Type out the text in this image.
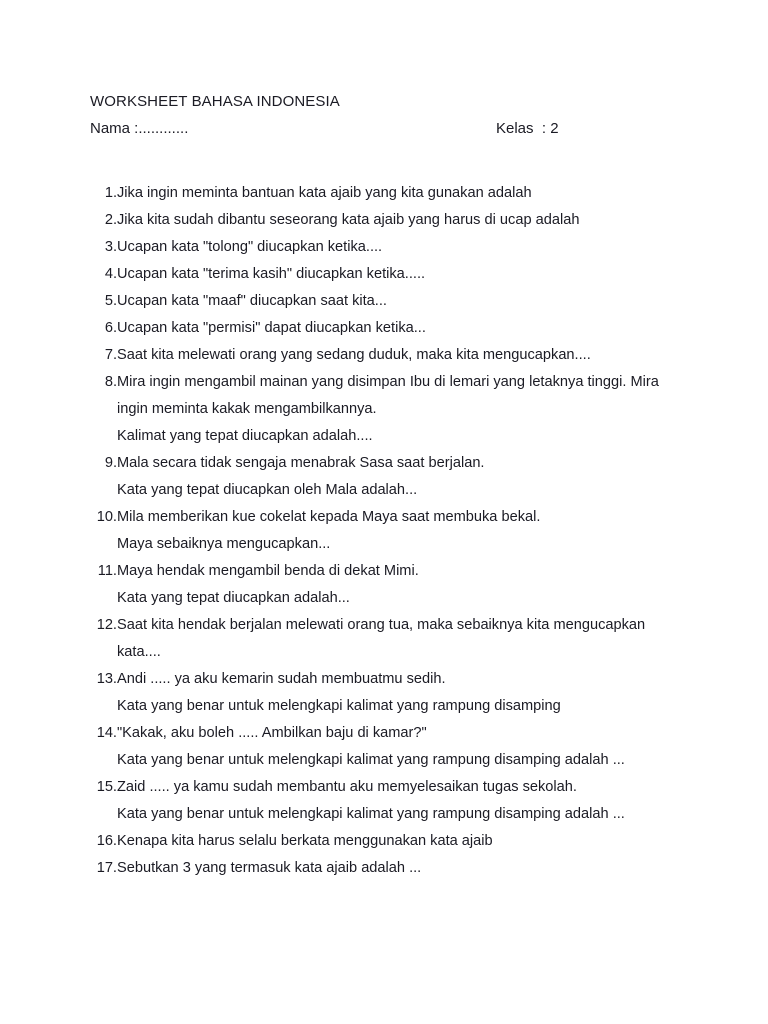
WORKSHEET BAHASA INDONESIA
Nama :............	Kelas  : 2
1. Jika ingin meminta bantuan kata ajaib yang kita gunakan adalah
2. Jika kita sudah dibantu seseorang kata ajaib yang harus di ucap adalah
3. Ucapan kata "tolong" diucapkan ketika....
4. Ucapan kata "terima kasih" diucapkan ketika.....
5. Ucapan kata "maaf" diucapkan saat kita...
6. Ucapan kata "permisi" dapat diucapkan ketika...
7. Saat kita melewati orang yang sedang duduk, maka kita mengucapkan....
8. Mira ingin mengambil mainan yang disimpan Ibu di lemari yang letaknya tinggi. Mira
ingin meminta kakak mengambilkannya.
Kalimat yang tepat diucapkan adalah....
9. Mala secara tidak sengaja menabrak Sasa saat berjalan.
Kata yang tepat diucapkan oleh Mala adalah...
10. Mila memberikan kue cokelat kepada Maya saat membuka bekal.
Maya sebaiknya mengucapkan...
11. Maya hendak mengambil benda di dekat Mimi.
Kata yang tepat diucapkan adalah...
12. Saat kita hendak berjalan melewati orang tua, maka sebaiknya kita mengucapkan
kata....
13. Andi ..... ya aku kemarin sudah membuatmu sedih.
Kata yang benar untuk melengkapi kalimat yang rampung disamping
14. "Kakak, aku boleh ..... Ambilkan baju di kamar?"
Kata yang benar untuk melengkapi kalimat yang rampung disamping adalah ...
15. Zaid ..... ya kamu sudah membantu aku memyelesaikan tugas sekolah.
Kata yang benar untuk melengkapi kalimat yang rampung disamping adalah ...
16. Kenapa kita harus selalu berkata menggunakan kata ajaib
17. Sebutkan 3 yang termasuk kata ajaib adalah ...
